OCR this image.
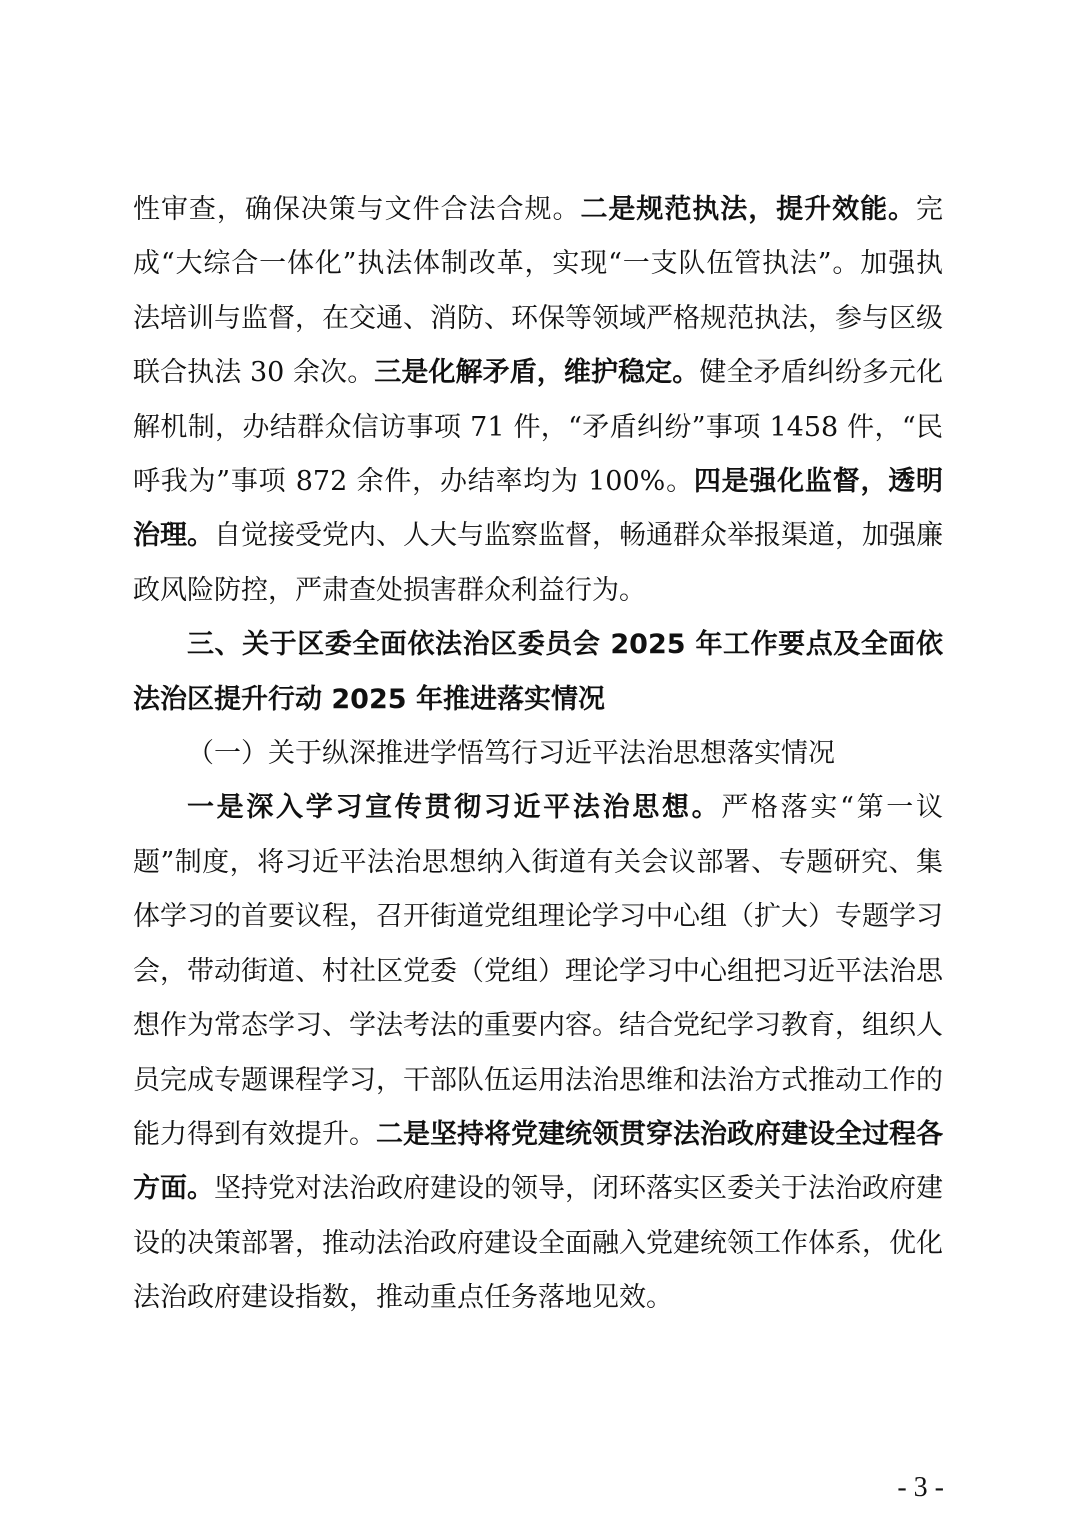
性审查，确保决策与文件合法合规。二是规范执法，提升效能。完成“大综合一体化”执法体制改革，实现“一支队伍管执法”。加强执法培训与监督，在交通、消防、环保等领域严格规范执法，参与区级联合执法 30 余次。三是化解矛盾，维护稳定。健全矛盾纠纷多元化解机制，办结群众信访事项 71 件，“矛盾纠纷”事项 1458 件，“民呼我为”事项 872 余件，办结率均为 100%。四是强化监督，透明治理。自觉接受党内、人大与监察监督，畅通群众举报渠道，加强廉政风险防控，严肃查处损害群众利益行为。

三、关于区委全面依法治区委员会 2025 年工作要点及全面依法治区提升行动 2025 年推进落实情况

（一）关于纵深推进学悟笃行习近平法治思想落实情况

一是深入学习宣传贯彻习近平法治思想。严格落实“第一议题”制度，将习近平法治思想纳入街道有关会议部署、专题研究、集体学习的首要议程，召开街道党组理论学习中心组（扩大）专题学习会，带动街道、村社区党委（党组）理论学习中心组把习近平法治思想作为常态学习、学法考法的重要内容。结合党纪学习教育，组织人员完成专题课程学习，干部队伍运用法治思维和法治方式推动工作的能力得到有效提升。二是坚持将党建统领贯穿法治政府建设全过程各方面。坚持党对法治政府建设的领导，闭环落实区委关于法治政府建设的决策部署，推动法治政府建设全面融入党建统领工作体系，优化法治政府建设指数，推动重点任务落地见效。

- 3 -
